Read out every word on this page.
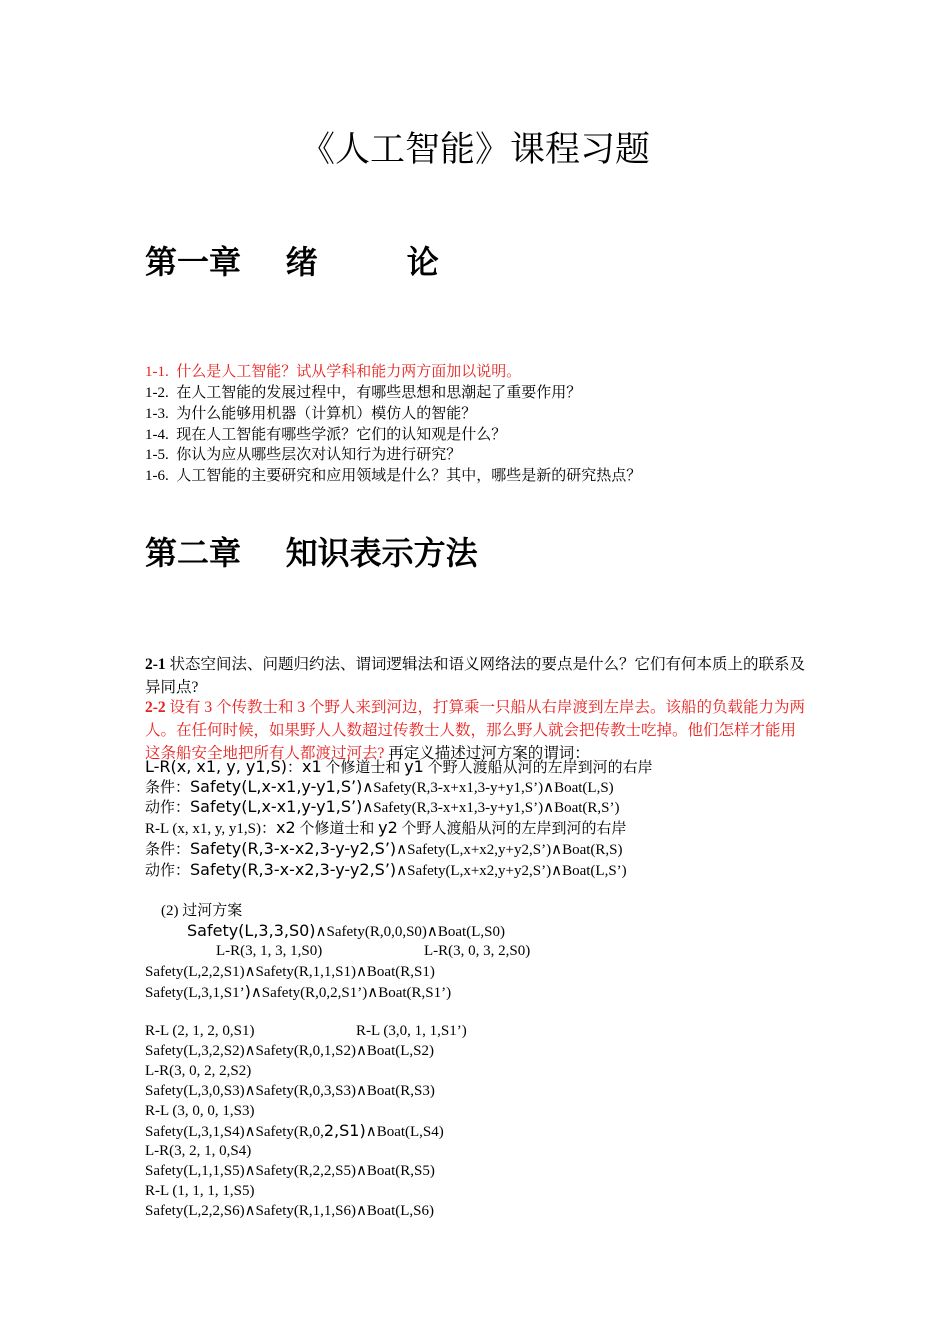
《人工智能》课程习题
第一章    绪        论
1-1.  什么是人工智能？试从学科和能力两方面加以说明。
1-2.  在人工智能的发展过程中，有哪些思想和思潮起了重要作用？
1-3.  为什么能够用机器（计算机）模仿人的智能？
1-4.  现在人工智能有哪些学派？它们的认知观是什么？
1-5.  你认为应从哪些层次对认知行为进行研究？
1-6.  人工智能的主要研究和应用领域是什么？其中，哪些是新的研究热点？
第二章    知识表示方法
2-1 状态空间法、问题归约法、谓词逻辑法和语义网络法的要点是什么？它们有何本质上的联系及异同点?
2-2 设有 3 个传教士和 3 个野人来到河边，打算乘一只船从右岸渡到左岸去。该船的负载能力为两人。在任何时候，如果野人人数超过传教士人数，那么野人就会把传教士吃掉。他们怎样才能用这条船安全地把所有人都渡过河去? 再定义描述过河方案的谓词：
L-R(x, x1, y, y1,S)：x1 个修道士和 y1 个野人渡船从河的左岸到河的右岸
条件：Safety(L,x-x1,y-y1,S’)∧Safety(R,3-x+x1,3-y+y1,S’)∧Boat(L,S)
动作：Safety(L,x-x1,y-y1,S’)∧Safety(R,3-x+x1,3-y+y1,S’)∧Boat(R,S’)
R-L (x, x1, y, y1,S)：x2 个修道士和 y2 个野人渡船从河的左岸到河的右岸
条件：Safety(R,3-x-x2,3-y-y2,S’)∧Safety(L,x+x2,y+y2,S’)∧Boat(R,S)
动作：Safety(R,3-x-x2,3-y-y2,S’)∧Safety(L,x+x2,y+y2,S’)∧Boat(L,S’)
(2) 过河方案
Safety(L,3,3,S0)∧Safety(R,0,0,S0)∧Boat(L,S0)
L-R(3, 1, 3, 1,S0)	L-R(3, 0, 3, 2,S0)
Safety(L,2,2,S1)∧Safety(R,1,1,S1)∧Boat(R,S1)
Safety(L,3,1,S1’)∧Safety(R,0,2,S1’)∧Boat(R,S1’)
R-L (2, 1, 2, 0,S1)	R-L (3,0, 1, 1,S1’)
Safety(L,3,2,S2)∧Safety(R,0,1,S2)∧Boat(L,S2)
L-R(3, 0, 2, 2,S2)
Safety(L,3,0,S3)∧Safety(R,0,3,S3)∧Boat(R,S3)
R-L (3, 0, 0, 1,S3)
Safety(L,3,1,S4)∧Safety(R,0,2,S1)∧Boat(L,S4)
L-R(3, 2, 1, 0,S4)
Safety(L,1,1,S5)∧Safety(R,2,2,S5)∧Boat(R,S5)
R-L (1, 1, 1, 1,S5)
Safety(L,2,2,S6)∧Safety(R,1,1,S6)∧Boat(L,S6)
